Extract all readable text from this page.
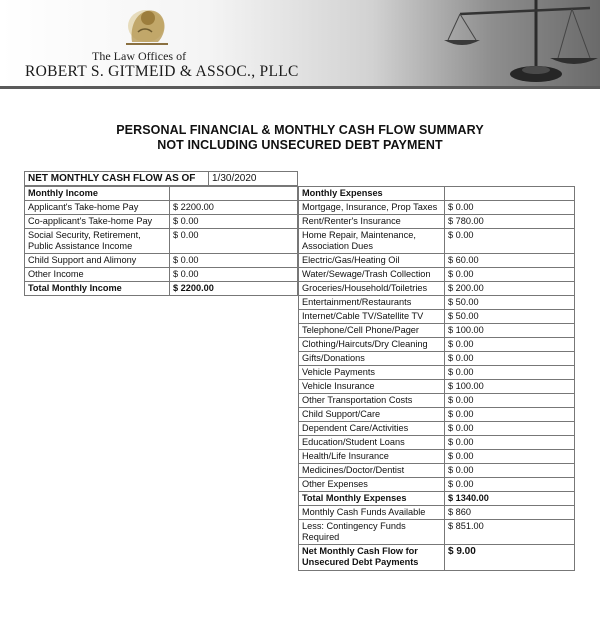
The Law Offices of
ROBERT S. GITMEID & ASSOC., PLLC
PERSONAL FINANCIAL & MONTHLY CASH FLOW SUMMARY
NOT INCLUDING UNSECURED DEBT PAYMENT
NET MONTHLY CASH FLOW AS OF	1/30/2020
Monthly Income	
Applicant's Take-home Pay	$ 2200.00
Co-applicant's Take-home Pay	$ 0.00
Social Security, Retirement, Public Assistance Income	$ 0.00
Child Support and Alimony	$ 0.00
Other Income	$ 0.00
Total Monthly Income	$ 2200.00
Monthly Expenses	
Mortgage, Insurance, Prop Taxes	$ 0.00
Rent/Renter's Insurance	$ 780.00
Home Repair, Maintenance, Association Dues	$ 0.00
Electric/Gas/Heating Oil	$ 60.00
Water/Sewage/Trash Collection	$ 0.00
Groceries/Household/Toiletries	$ 200.00
Entertainment/Restaurants	$ 50.00
Internet/Cable TV/Satellite TV	$ 50.00
Telephone/Cell Phone/Pager	$ 100.00
Clothing/Haircuts/Dry Cleaning	$ 0.00
Gifts/Donations	$ 0.00
Vehicle Payments	$ 0.00
Vehicle Insurance	$ 100.00
Other Transportation Costs	$ 0.00
Child Support/Care	$ 0.00
Dependent Care/Activities	$ 0.00
Education/Student Loans	$ 0.00
Health/Life Insurance	$ 0.00
Medicines/Doctor/Dentist	$ 0.00
Other Expenses	$ 0.00
Total Monthly Expenses	$ 1340.00
Monthly Cash Funds Available	$ 860
Less: Contingency Funds Required	$ 851.00
Net Monthly Cash Flow for Unsecured Debt Payments	$ 9.00
